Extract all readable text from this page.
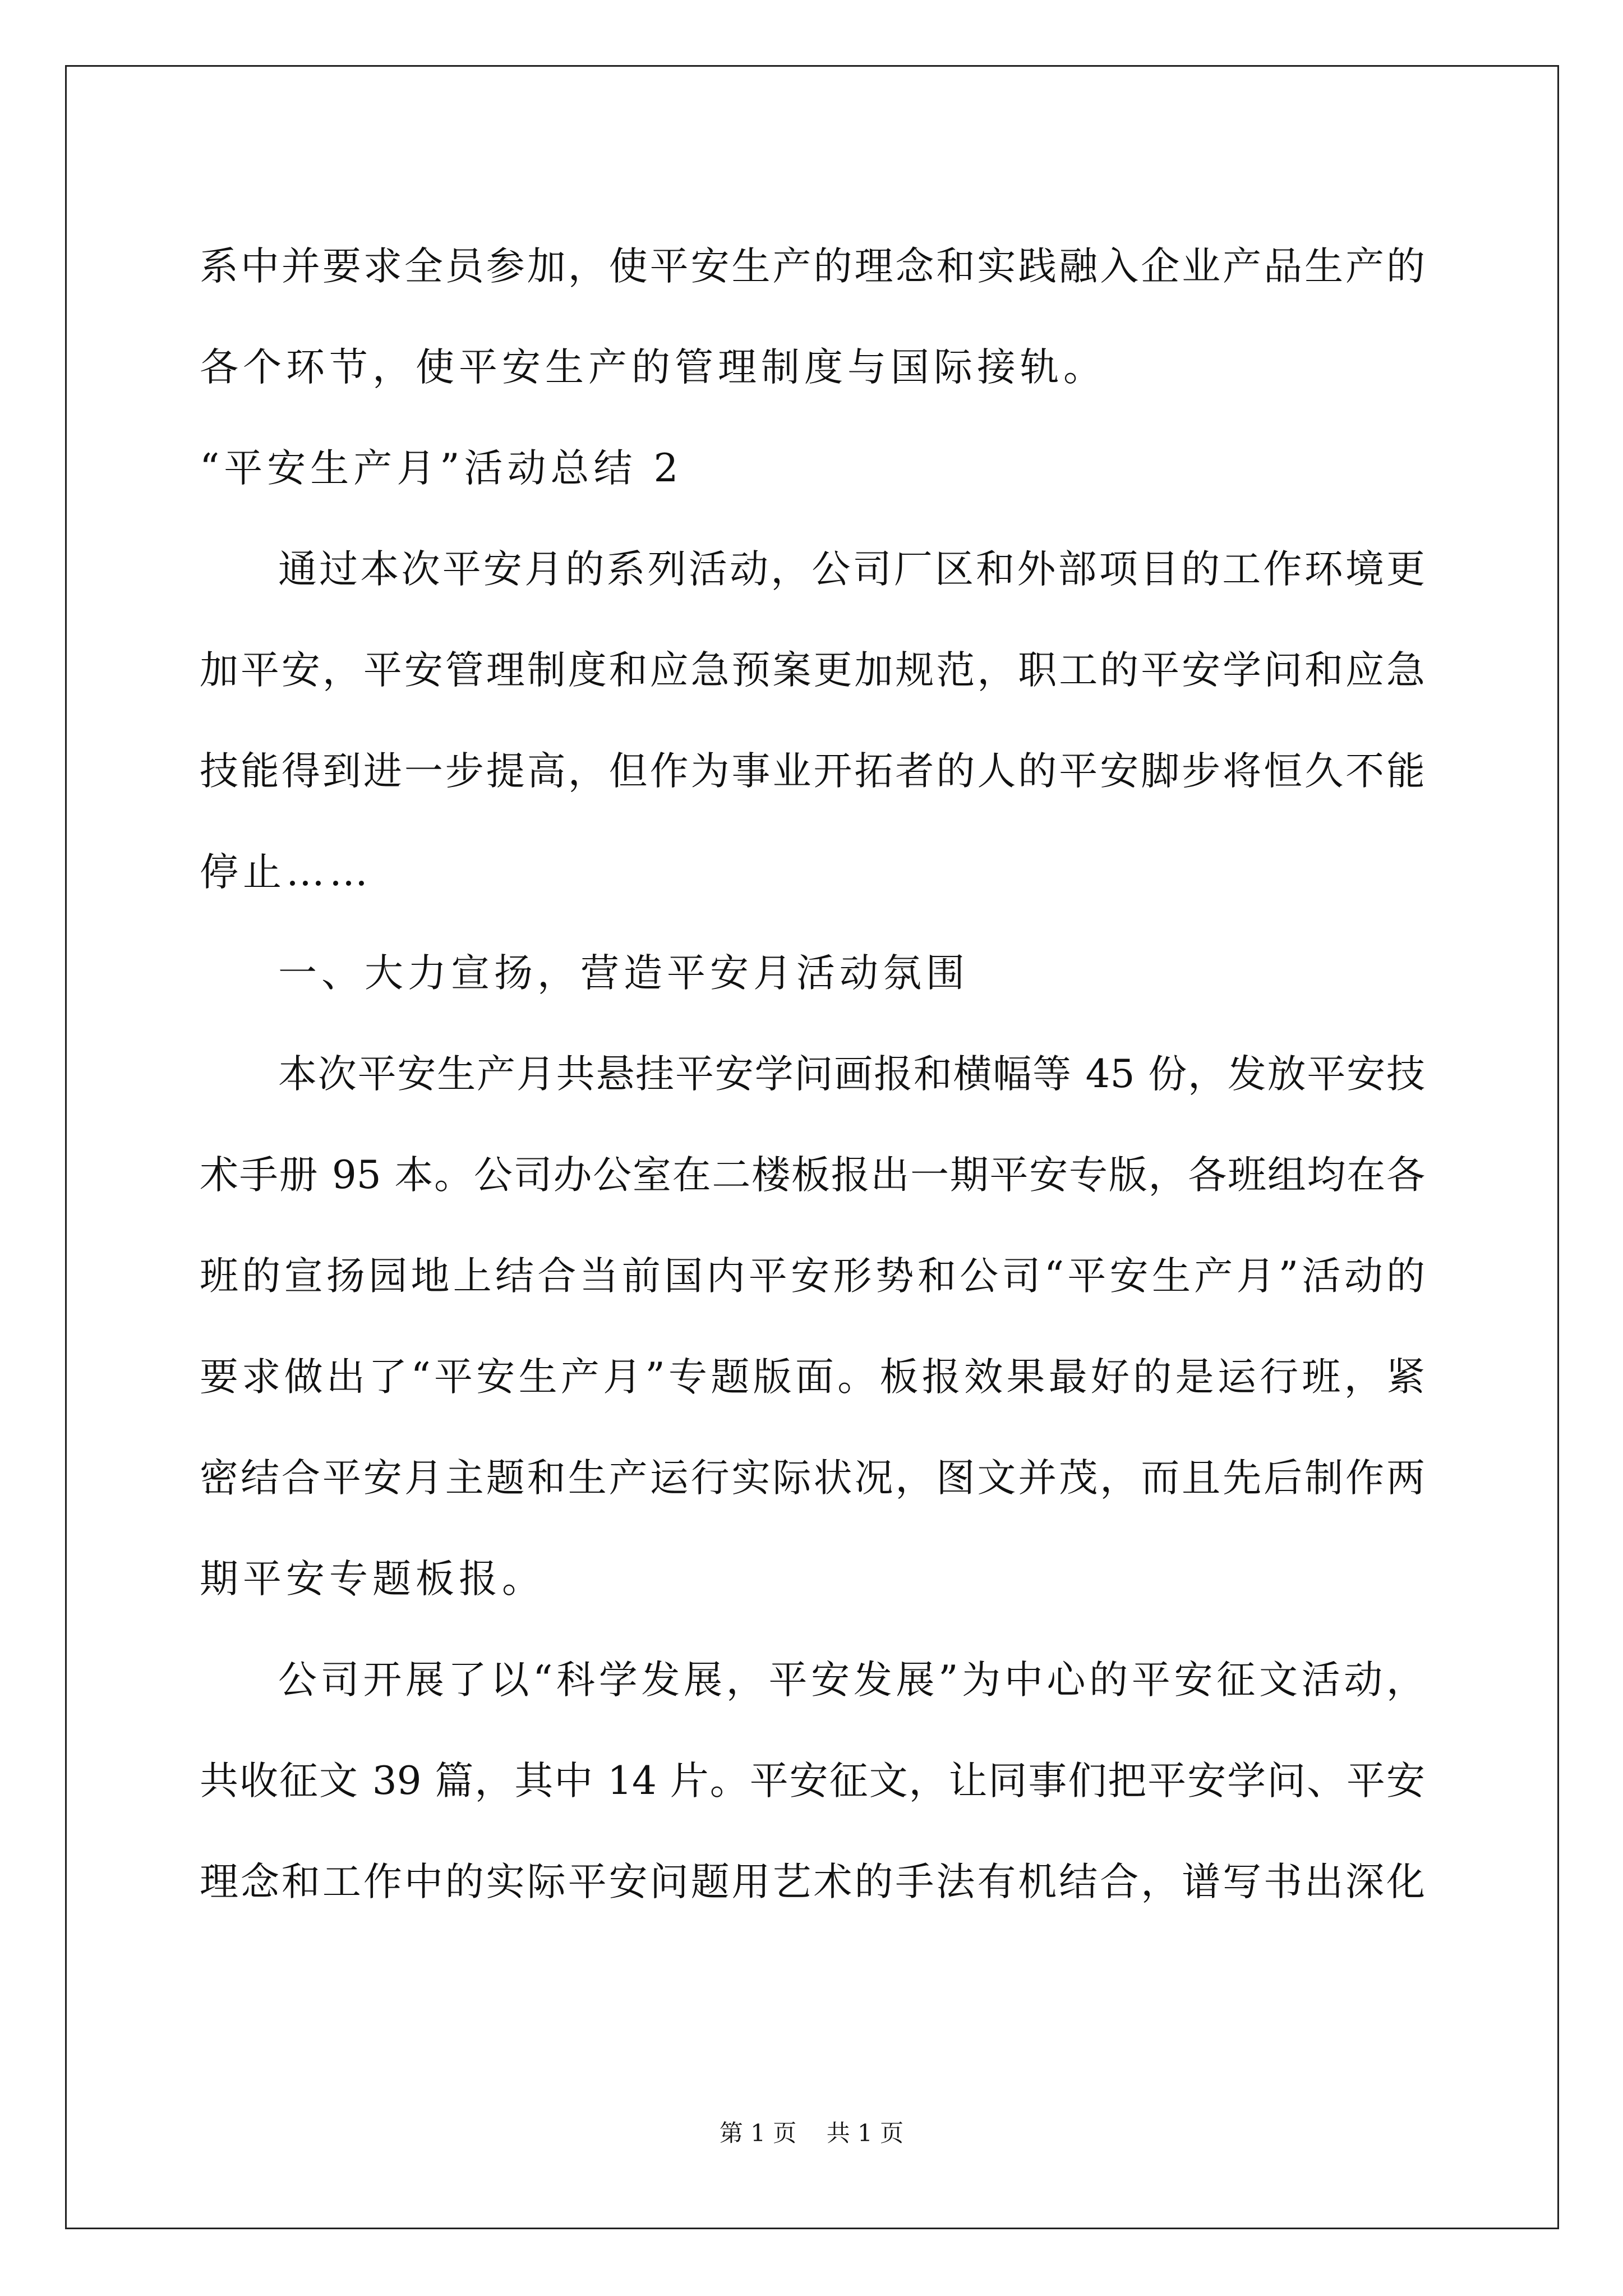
系中并要求全员参加，使平安生产的理念和实践融入企业产品生产的
各个环节，使平安生产的管理制度与国际接轨。
“平安生产月”活动总结 2
通过本次平安月的系列活动，公司厂区和外部项目的工作环境更
加平安，平安管理制度和应急预案更加规范，职工的平安学问和应急
技能得到进一步提高，但作为事业开拓者的人的平安脚步将恒久不能
停止……
一、大力宣扬，营造平安月活动氛围
本次平安生产月共悬挂平安学问画报和横幅等 45 份，发放平安技
术手册 95 本。公司办公室在二楼板报出一期平安专版，各班组均在各
班的宣扬园地上结合当前国内平安形势和公司“平安生产月”活动的
要求做出了“平安生产月”专题版面。板报效果最好的是运行班，紧
密结合平安月主题和生产运行实际状况，图文并茂，而且先后制作两
期平安专题板报。
公司开展了以“科学发展，平安发展”为中心的平安征文活动，
共收征文 39 篇，其中 14 片。平安征文，让同事们把平安学问、平安
理念和工作中的实际平安问题用艺术的手法有机结合，谱写书出深化
第 1 页    共 1 页
